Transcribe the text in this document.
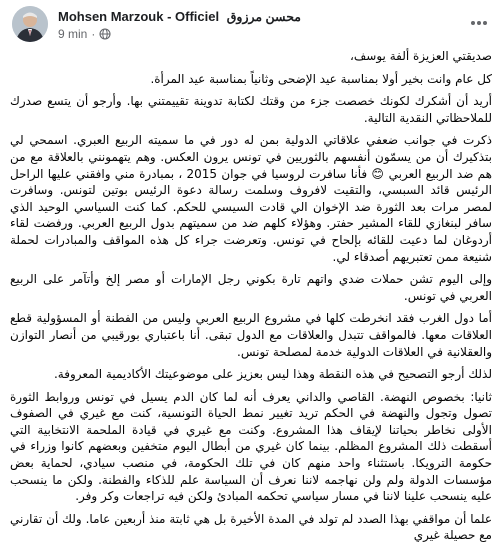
Mohsen Marzouk - Officiel محسن مرزوق
9 min ·

صديقتي العزيزة ألفة يوسف،

كل عام وانت بخير أولا بمناسبة عيد الإضحى وثانياً بمناسبة عيد المرأة.

أريد أن أشكرك لكونك خصصت جزء من وقتك لكتابة تدوينة تقييمتني بها. وأرجو أن يتسع صدرك للملاحظاتي النقدية التالية.

ذكرت في جوانب ضعفي علاقاتي الدولية بمن له دور في ما سميته الربيع العبري. اسمحي لي بتذكيرك أن من يسمّون أنفسهم بالثوريين في تونس يرون العكس. وهم يتهمونني بالعلاقة مع من هم ضد الربيع العربي 😊 فأنا سافرت لروسيا في جوان 2015 ، بمبادرة مني وافقني عليها الراحل الرئيس قائد السبسي، والتقيت لافروف وسلمت رسالة دعوة الرئيس بوتين لتونس. وسافرت لمصر مرات بعد الثورة ضد الإخوان الي قادت السيسي للحكم. كما كنت السياسي الوحيد الذي سافر لبنغازي للقاء المشير حفتر. وهؤلاء كلهم ضد من سميتهم بدول الربيع العربي. ورفضت لقاء أردوغان لما دعيت للقائه بإلحاح في تونس. وتعرضت جراء كل هذه المواقف والمبادرات لحملة شنيعة ممن تعتبريهم أصدقاء لي.

وإلى اليوم تشن حملات ضدي واتهم تارة بكوني رجل الإمارات أو مصر إلخ وأتآمر على الربيع العربي في تونس.

أما دول الغرب فقد انخرطت كلها في مشروع الربيع العربي وليس من الفطنة أو المسؤولية قطع العلاقات معها. فالمواقف تتبدل والعلاقات مع الدول تبقى. أنا باعتباري بورقيبي من أنصار التوازن والعقلانية في العلاقات الدولية خدمة لمصلحة تونس.

لذلك أرجو التصحيح في هذه النقطة وهذا ليس بعزيز على موضوعيتك الأكاديمية المعروفة.

ثانيا: بخصوص النهضة. القاصي والداني يعرف أنه لما كان الدم يسيل في تونس وروابط الثورة تصول وتجول والنهضة في الحكم تريد تغيير نمط الحياة التونسية، كنت مع غيري في الصفوف الأولى نخاطر بحياتنا لإيقاف هذا المشروع. وكنت مع غيري في قيادة الملحمة الانتخابية التي أسقطت ذلك المشروع المظلم. بينما كان غيري من أبطال اليوم متخفين وبعضهم كانوا وزراء في حكومة الترويكا. باستثناء واحد منهم كان في تلك الحكومة، في منصب سيادي، لحماية بعض مؤسسات الدولة ولم ولن نهاجمه لاننا نعرف أن السياسة علم للذكاء والفطنة. ولكن ما ينسحب عليه ينسحب علينا لاننا في مسار سياسي تحكمه المبادئ ولكن فيه تراجعات وكر وفر.

علما أن مواقفي بهذا الصدد لم تولد في المدة الأخيرة بل هي ثابتة منذ أربعين عاما. ولك أن تقارني مع حصيلة غيري
